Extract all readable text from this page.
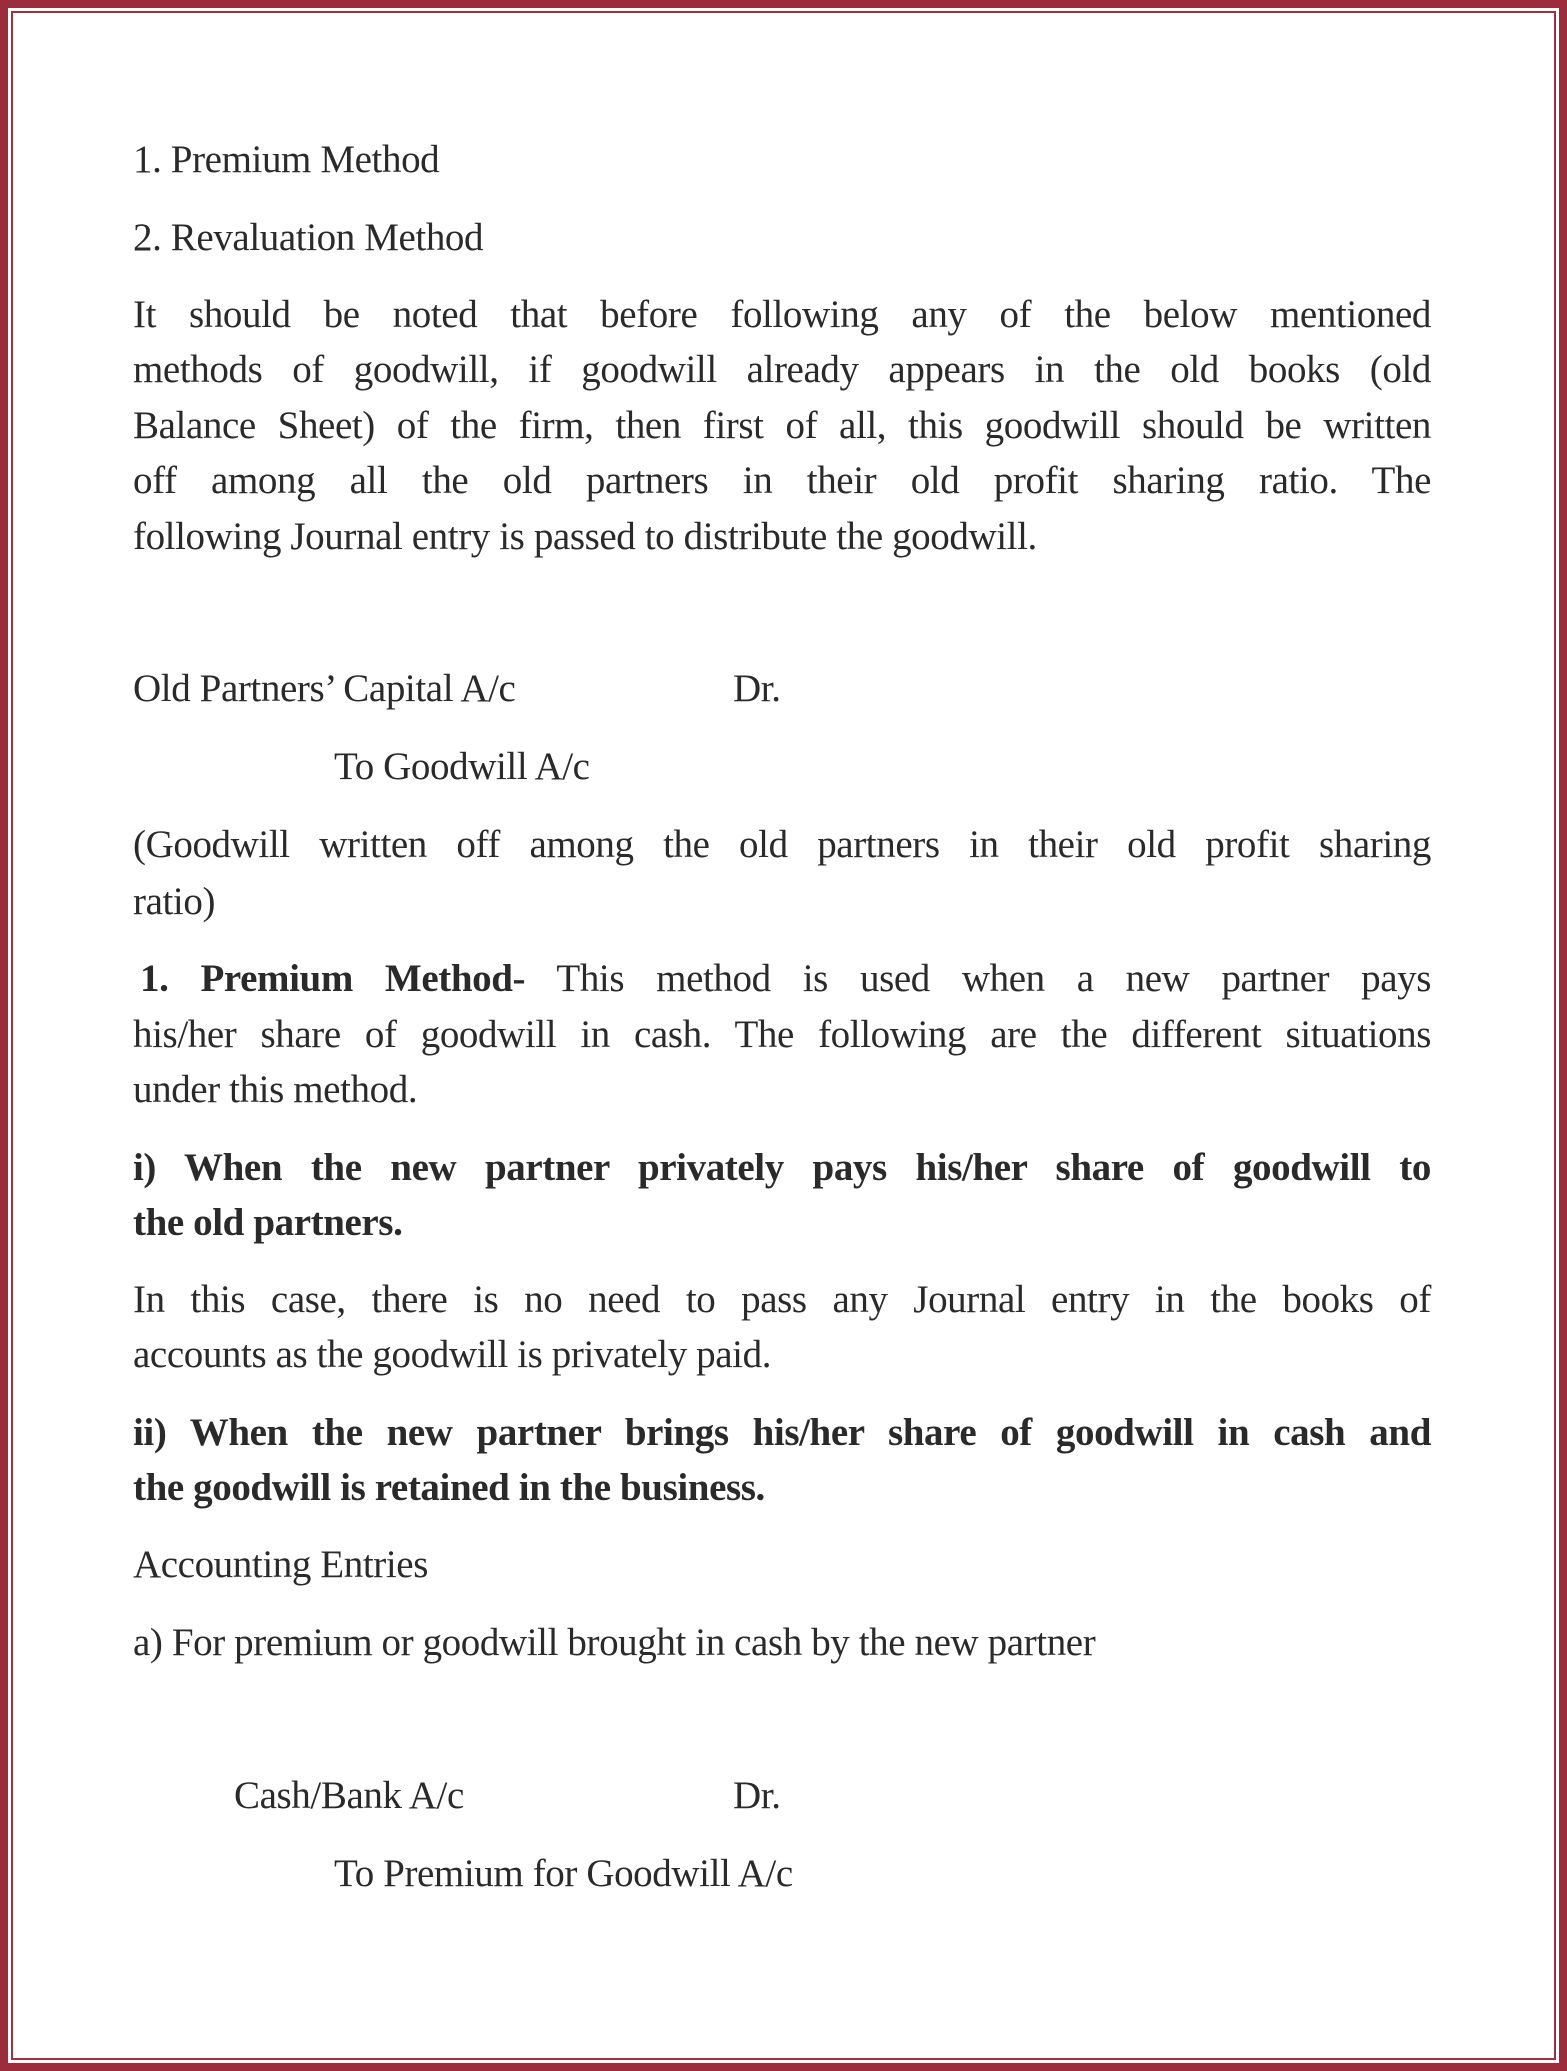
1. Premium Method
2. Revaluation Method
It should be noted that before following any of the below mentioned
methods of goodwill, if goodwill already appears in the old books (old
Balance Sheet) of the firm, then first of all, this goodwill should be written
off among all the old partners in their old profit sharing ratio. The
following Journal entry is passed to distribute the goodwill.
Old Partners’ Capital A/c	Dr.
To Goodwill A/c
(Goodwill written off among the old partners in their old profit sharing
ratio)
1. Premium Method- This method is used when a new partner pays
his/her share of goodwill in cash. The following are the different situations
under this method.
i) When the new partner privately pays his/her share of goodwill to
the old partners.
In this case, there is no need to pass any Journal entry in the books of
accounts as the goodwill is privately paid.
ii) When the new partner brings his/her share of goodwill in cash and
the goodwill is retained in the business.
Accounting Entries
a) For premium or goodwill brought in cash by the new partner
Cash/Bank A/c	Dr.
To Premium for Goodwill A/c
